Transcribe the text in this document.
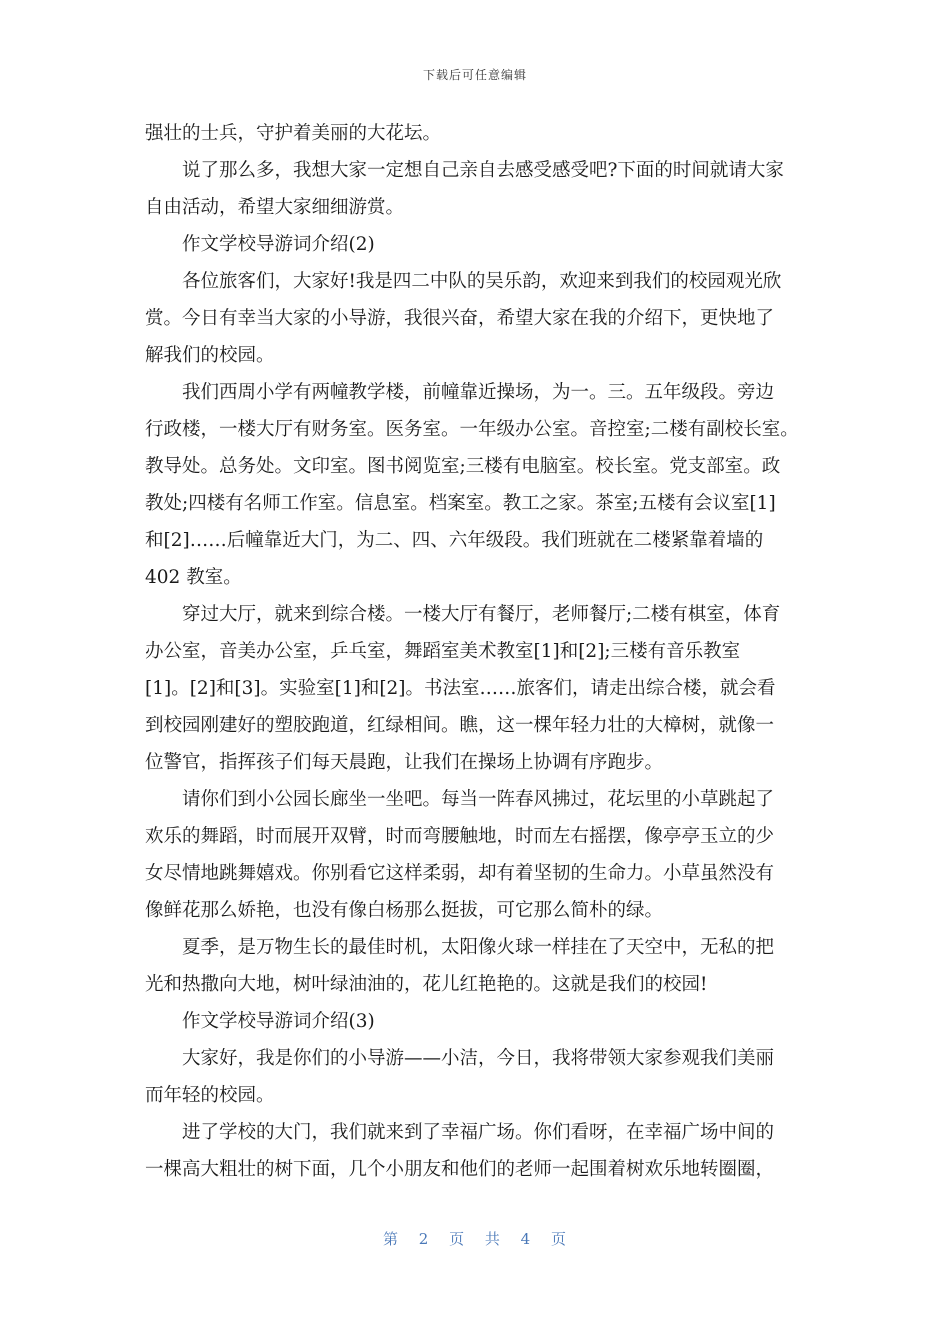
下载后可任意编辑
强壮的士兵，守护着美丽的大花坛。
说了那么多，我想大家一定想自己亲自去感受感受吧?下面的时间就请大家
自由活动，希望大家细细游赏。
作文学校导游词介绍(2)
各位旅客们，大家好!我是四二中队的吴乐韵，欢迎来到我们的校园观光欣
赏。今日有幸当大家的小导游，我很兴奋，希望大家在我的介绍下，更快地了
解我们的校园。
我们西周小学有两幢教学楼，前幢靠近操场，为一。三。五年级段。旁边
行政楼，一楼大厅有财务室。医务室。一年级办公室。音控室;二楼有副校长室。
教导处。总务处。文印室。图书阅览室;三楼有电脑室。校长室。党支部室。政
教处;四楼有名师工作室。信息室。档案室。教工之家。茶室;五楼有会议室[1]
和[2]……后幢靠近大门，为二、四、六年级段。我们班就在二楼紧靠着墙的
402 教室。
穿过大厅，就来到综合楼。一楼大厅有餐厅，老师餐厅;二楼有棋室，体育
办公室，音美办公室，乒乓室，舞蹈室美术教室[1]和[2];三楼有音乐教室
[1]。[2]和[3]。实验室[1]和[2]。书法室……旅客们，请走出综合楼，就会看
到校园刚建好的塑胶跑道，红绿相间。瞧，这一棵年轻力壮的大樟树，就像一
位警官，指挥孩子们每天晨跑，让我们在操场上协调有序跑步。
请你们到小公园长廊坐一坐吧。每当一阵春风拂过，花坛里的小草跳起了
欢乐的舞蹈，时而展开双臂，时而弯腰触地，时而左右摇摆，像亭亭玉立的少
女尽情地跳舞嬉戏。你别看它这样柔弱，却有着坚韧的生命力。小草虽然没有
像鲜花那么娇艳，也没有像白杨那么挺拔，可它那么简朴的绿。
夏季，是万物生长的最佳时机，太阳像火球一样挂在了天空中，无私的把
光和热撒向大地，树叶绿油油的，花儿红艳艳的。这就是我们的校园!
作文学校导游词介绍(3)
大家好，我是你们的小导游——小洁，今日，我将带领大家参观我们美丽
而年轻的校园。
进了学校的大门，我们就来到了幸福广场。你们看呀，在幸福广场中间的
一棵高大粗壮的树下面，几个小朋友和他们的老师一起围着树欢乐地转圈圈，
第 2 页 共 4 页
